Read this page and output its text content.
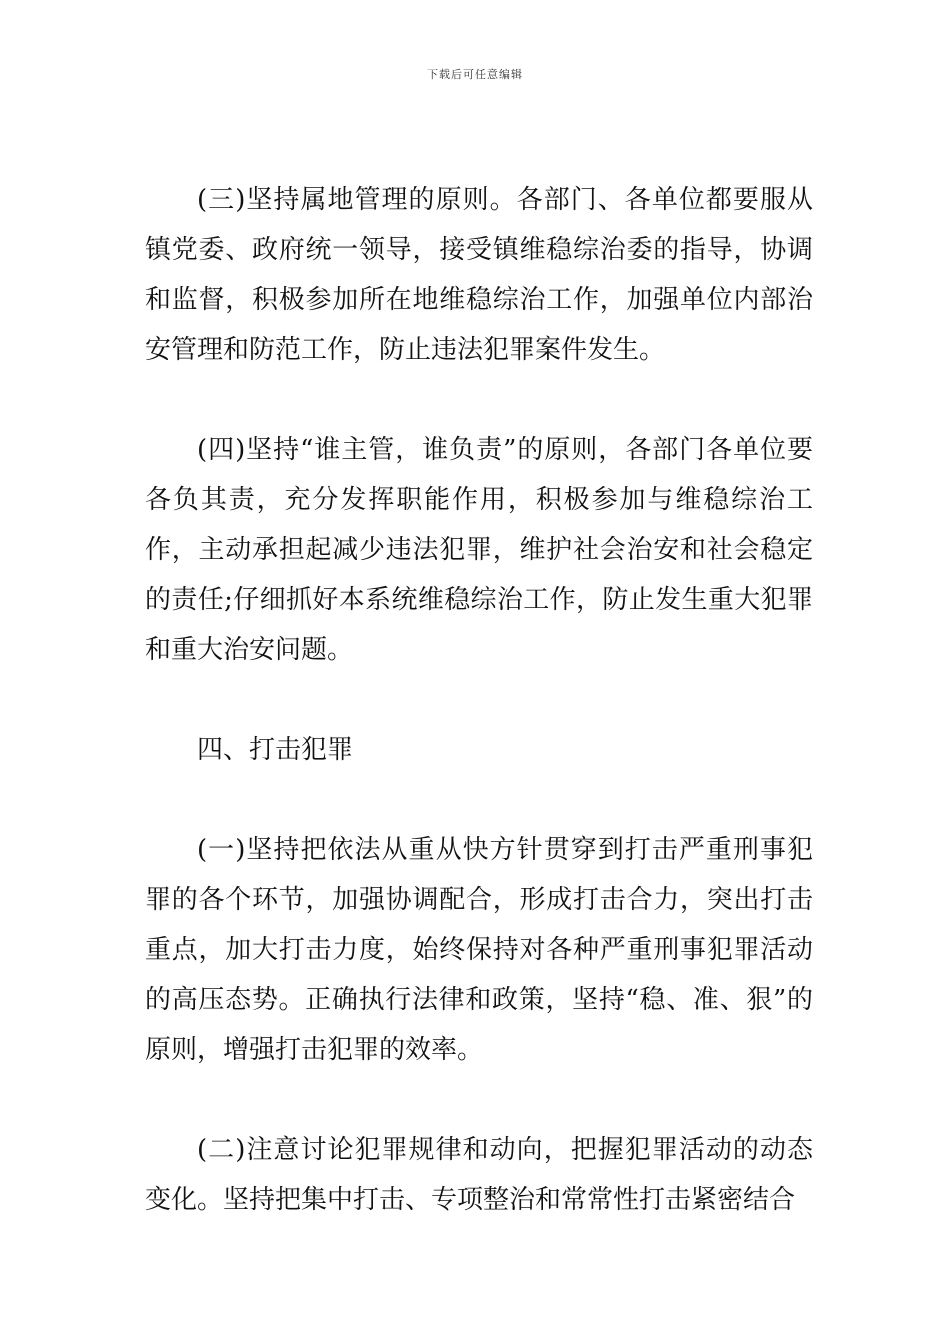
下载后可任意编辑

(三)坚持属地管理的原则。各部门、各单位都要服从镇党委、政府统一领导，接受镇维稳综治委的指导，协调和监督，积极参加所在地维稳综治工作，加强单位内部治安管理和防范工作，防止违法犯罪案件发生。

(四)坚持“谁主管，谁负责”的原则，各部门各单位要各负其责，充分发挥职能作用，积极参加与维稳综治工作，主动承担起减少违法犯罪，维护社会治安和社会稳定的责任;仔细抓好本系统维稳综治工作，防止发生重大犯罪和重大治安问题。

四、打击犯罪

(一)坚持把依法从重从快方针贯穿到打击严重刑事犯罪的各个环节，加强协调配合，形成打击合力，突出打击重点，加大打击力度，始终保持对各种严重刑事犯罪活动的高压态势。正确执行法律和政策，坚持“稳、准、狠”的原则，增强打击犯罪的效率。

(二)注意讨论犯罪规律和动向，把握犯罪活动的动态变化。坚持把集中打击、专项整治和常常性打击紧密结合
